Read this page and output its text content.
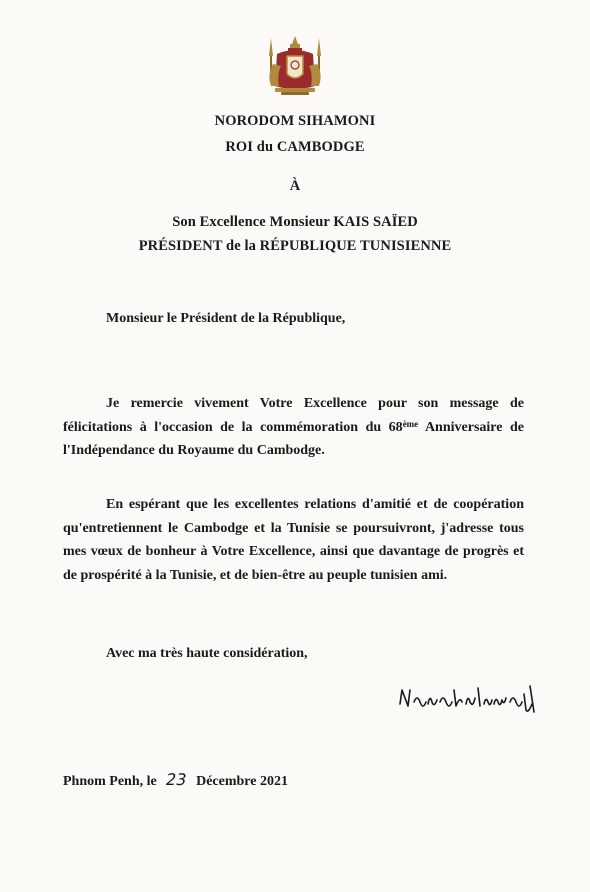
NORODOM SIHAMONI
ROI du CAMBODGE
À
Son Excellence Monsieur KAIS SAÏED
PRÉSIDENT de la RÉPUBLIQUE TUNISIENNE
Monsieur le Président de la République,
Je remercie vivement Votre Excellence pour son message de félicitations à l'occasion de la commémoration du 68ème Anniversaire de l'Indépendance du Royaume du Cambodge.
En espérant que les excellentes relations d'amitié et de coopération qu'entretiennent le Cambodge et la Tunisie se poursuivront, j'adresse tous mes vœux de bonheur à Votre Excellence, ainsi que davantage de progrès et de prospérité à la Tunisie, et de bien-être au peuple tunisien ami.
Avec ma très haute considération,
Phnom Penh, le 23 Décembre 2021
